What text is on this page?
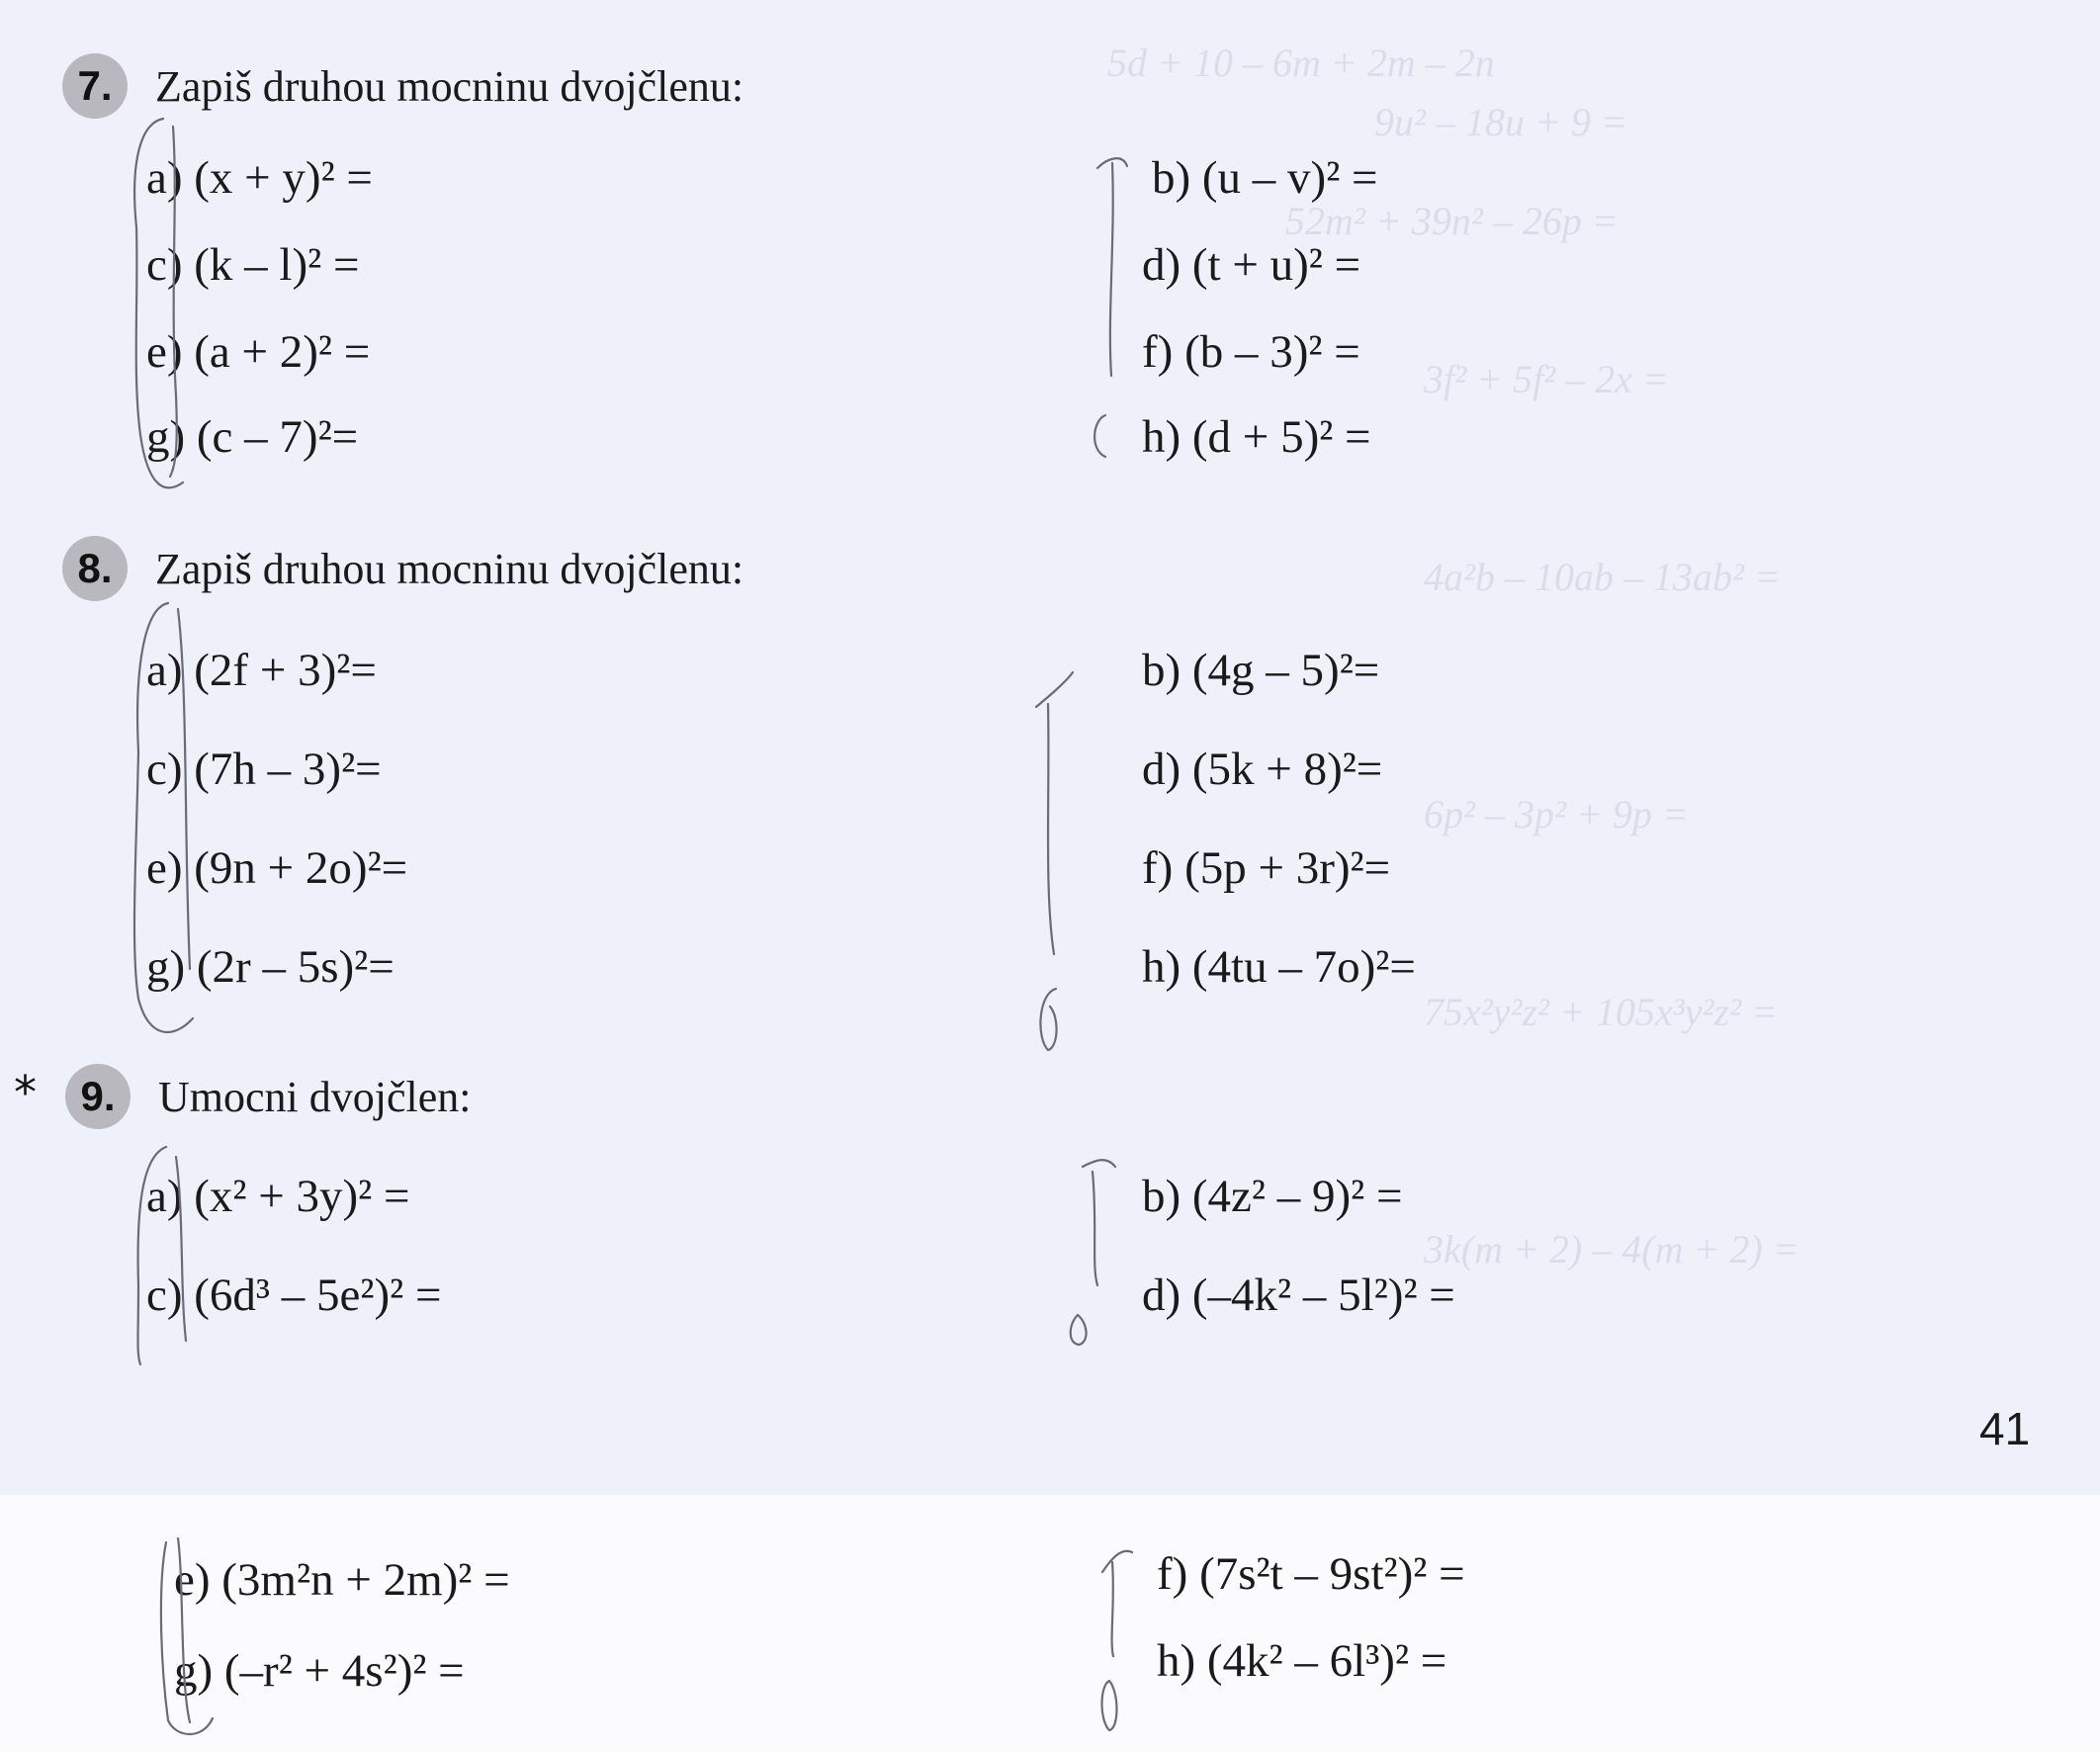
5d + 10 – 6m + 2m – 2n
9u² – 18u + 9 =
52m² + 39n² – 26p =
3f² + 5f² – 2x =
4a²b – 10ab – 13ab² =
6p² – 3p² + 9p =
75x²y²z² + 105x³y²z² =
3k(m + 2) – 4(m + 2) =
7. Zapiš druhou mocninu dvojčlenu:
a) (x + y)² =	b) (u – v)² =
c) (k – l)² =	d) (t + u)² =
e) (a + 2)² =	f) (b – 3)² =
g) (c – 7)²=	h) (d + 5)² =
8. Zapiš druhou mocninu dvojčlenu:
a) (2f + 3)²=	b) (4g – 5)²=
c) (7h – 3)²=	d) (5k + 8)²=
e) (9n + 2o)²=	f) (5p + 3r)²=
g) (2r – 5s)²=	h) (4tu – 7o)²=
*	9. Umocni dvojčlen:
a) (x² + 3y)² =	b) (4z² – 9)² =
c) (6d³ – 5e²)² =	d) (–4k² – 5l²)² =
41
e) (3m²n + 2m)² =	f) (7s²t – 9st²)² =
g) (–r² + 4s²)² =	h) (4k² – 6l³)² =
